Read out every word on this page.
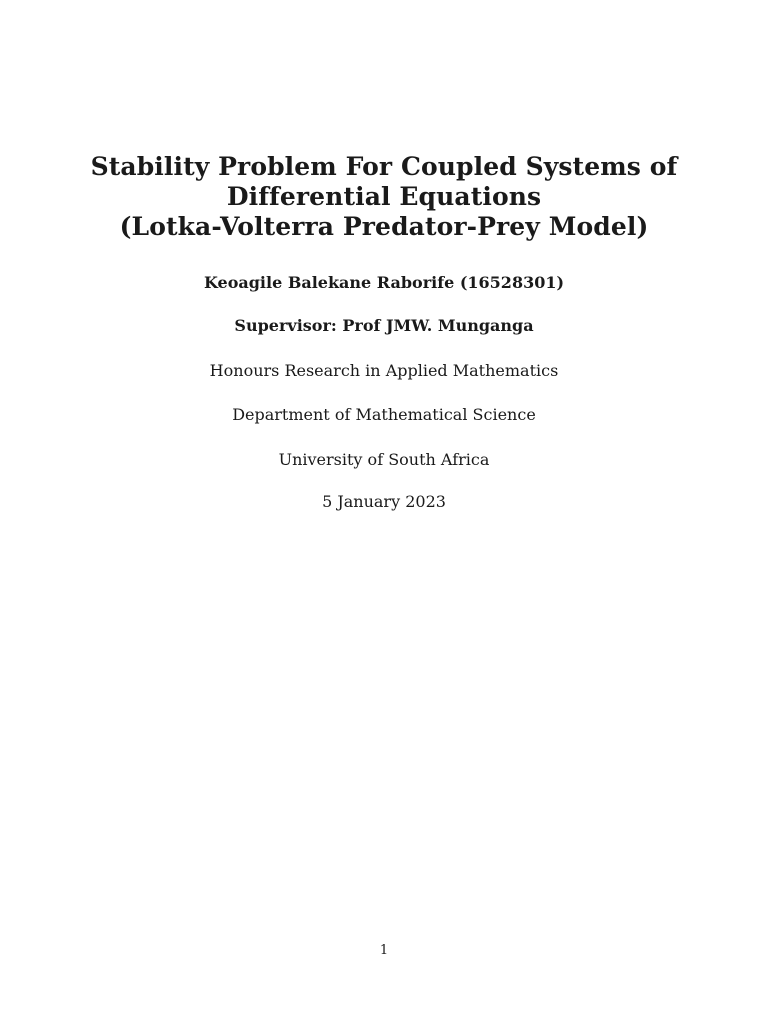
Stability Problem For Coupled Systems of
Differential Equations
(Lotka-Volterra Predator-Prey Model)
Keoagile Balekane Raborife (16528301)
Supervisor: Prof JMW. Munganga
Honours Research in Applied Mathematics
Department of Mathematical Science
University of South Africa
5 January 2023
1
